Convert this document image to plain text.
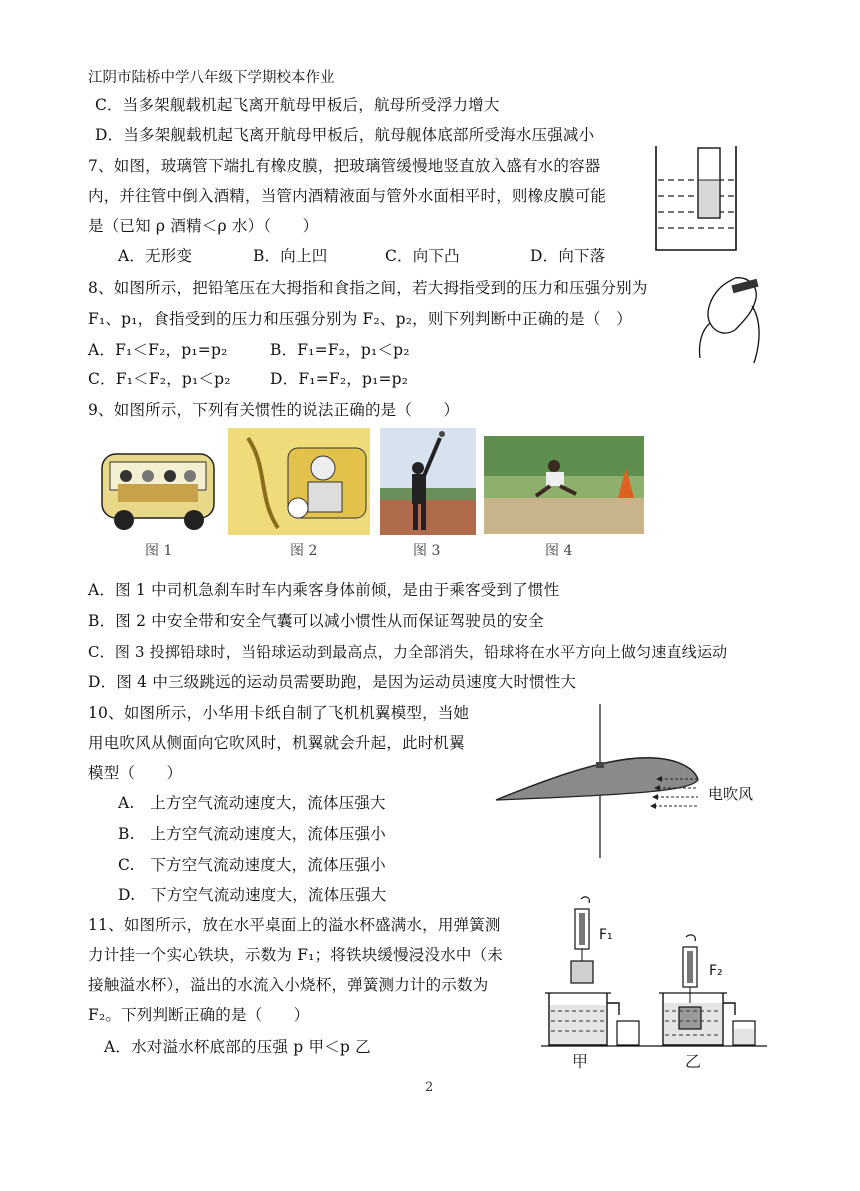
江阴市陆桥中学八年级下学期校本作业
C．当多架舰载机起飞离开航母甲板后，航母所受浮力增大
D．当多架舰载机起飞离开航母甲板后，航母舰体底部所受海水压强减小
7、如图，玻璃管下端扎有橡皮膜，把玻璃管缓慢地竖直放入盛有水的容器
内，并往管中倒入酒精，当管内酒精液面与管外水面相平时，则橡皮膜可能
是（已知 ρ 酒精＜ρ 水）（　　）
A．无形变	B．向上凹	C．向下凸	D．向下落
8、如图所示，把铅笔压在大拇指和食指之间，若大拇指受到的压力和压强分别为
F₁、p₁，食指受到的压力和压强分别为 F₂、p₂，则下列判断中正确的是（　）
A．F₁＜F₂，p₁=p₂	B．F₁=F₂，p₁＜p₂
C．F₁＜F₂，p₁＜p₂	D．F₁=F₂，p₁=p₂
9、如图所示，下列有关惯性的说法正确的是（　　）
图 1	图 2	图 3	图 4
A．图 1 中司机急刹车时车内乘客身体前倾，是由于乘客受到了惯性
B．图 2 中安全带和安全气囊可以减小惯性从而保证驾驶员的安全
C．图 3 投掷铅球时，当铅球运动到最高点，力全部消失，铅球将在水平方向上做匀速直线运动
D．图 4 中三级跳远的运动员需要助跑，是因为运动员速度大时惯性大
10、如图所示，小华用卡纸自制了飞机机翼模型，当她
用电吹风从侧面向它吹风时，机翼就会升起，此时机翼
模型（　　）
A.　上方空气流动速度大，流体压强大
B.　上方空气流动速度大，流体压强小
C.　下方空气流动速度大，流体压强小
D.　下方空气流动速度大，流体压强大
电吹风
11、如图所示，放在水平桌面上的溢水杯盛满水，用弹簧测
力计挂一个实心铁块，示数为 F₁；将铁块缓慢浸没水中（未
接触溢水杯），溢出的水流入小烧杯，弹簧测力计的示数为
F₂。下列判断正确的是（　　）
A．水对溢水杯底部的压强 p 甲＜p 乙
F₁
F₂
甲	乙
2
